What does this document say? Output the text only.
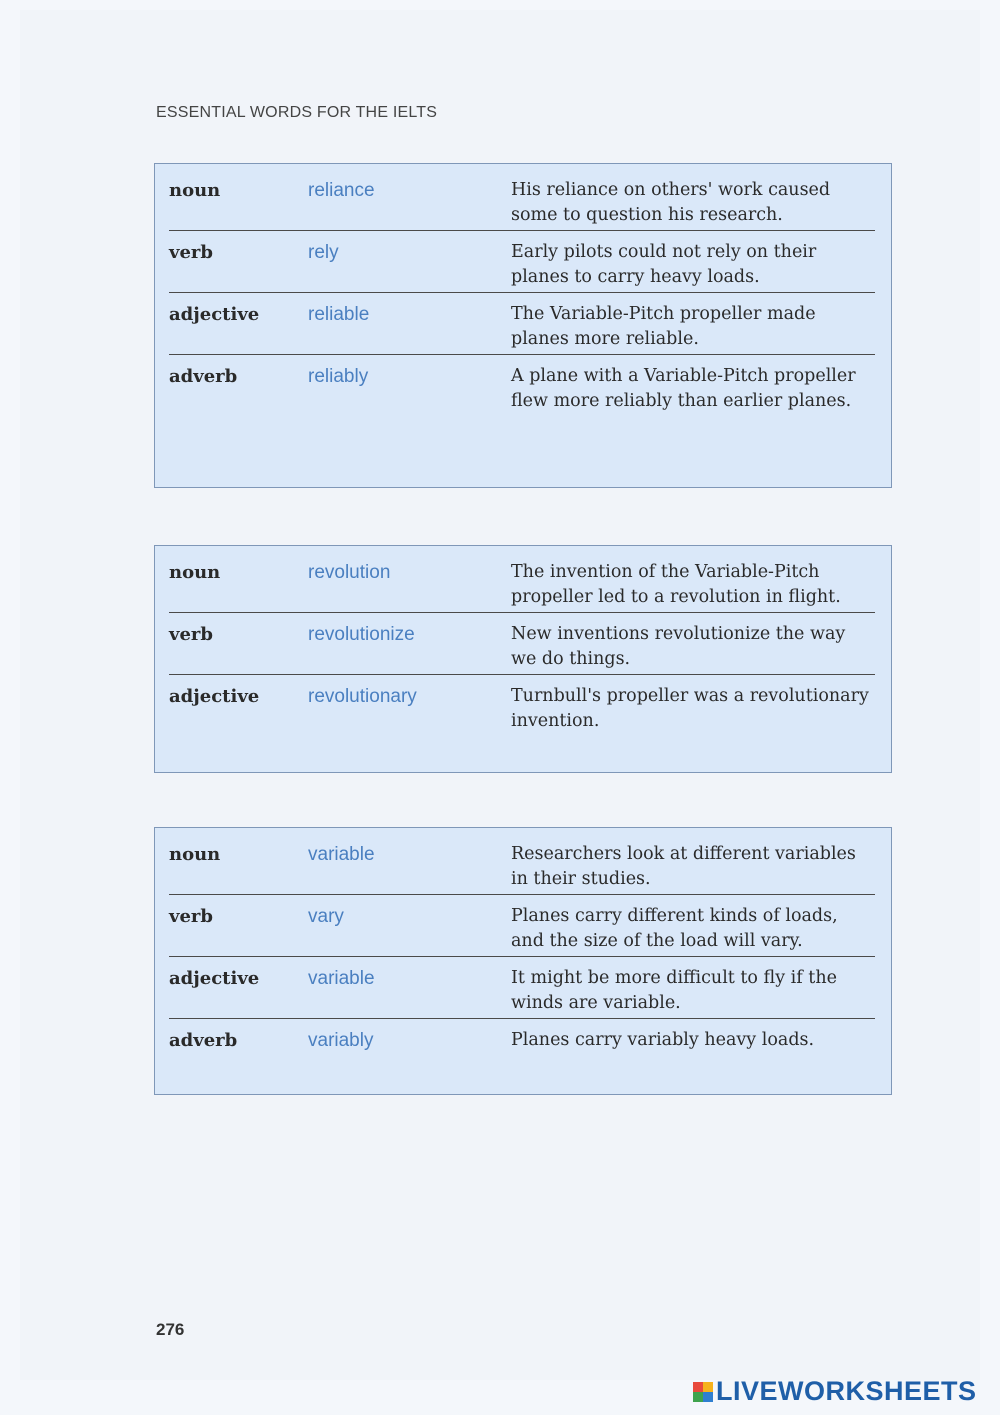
ESSENTIAL WORDS FOR THE IELTS
noun	reliance	His reliance on others' work caused some to question his research.
verb	rely	Early pilots could not rely on their planes to carry heavy loads.
adjective	reliable	The Variable-Pitch propeller made planes more reliable.
adverb	reliably	A plane with a Variable-Pitch propeller flew more reliably than earlier planes.
noun	revolution	The invention of the Variable-Pitch propeller led to a revolution in flight.
verb	revolutionize	New inventions revolutionize the way we do things.
adjective	revolutionary	Turnbull's propeller was a revolutionary invention.
noun	variable	Researchers look at different variables in their studies.
verb	vary	Planes carry different kinds of loads, and the size of the load will vary.
adjective	variable	It might be more difficult to fly if the winds are variable.
adverb	variably	Planes carry variably heavy loads.
276
LIVEWORKSHEETS
